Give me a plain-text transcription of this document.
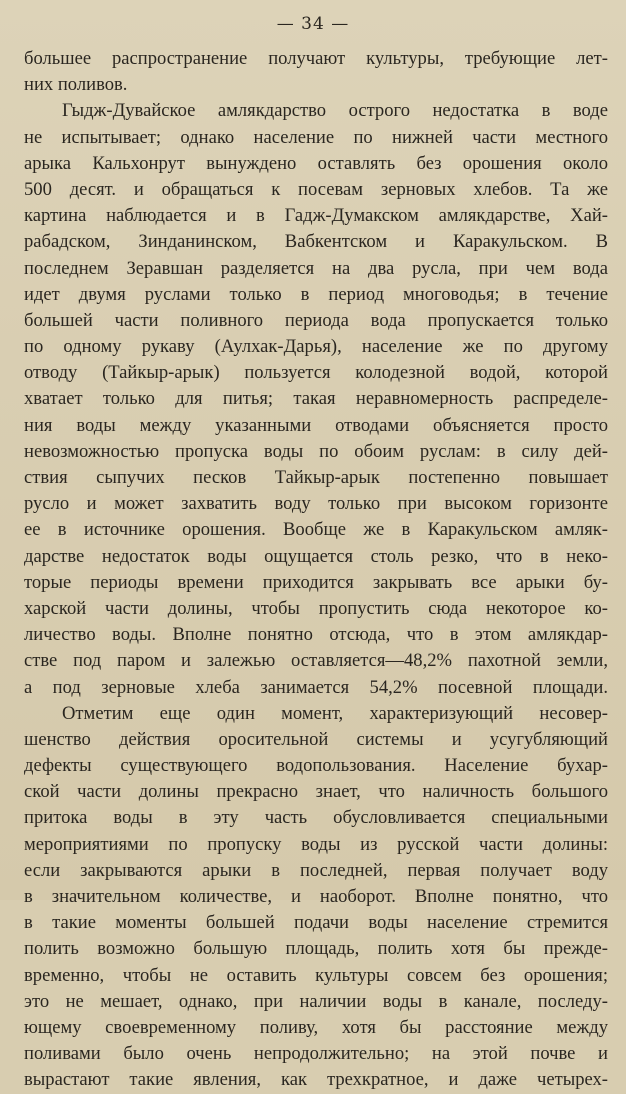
— 34 —
большее распространение получают культуры, требующие лет-
них поливов.
Гыдж-Дувайское амлякдарство острого недостатка в воде
не испытывает; однако население по нижней части местного
арыка Кальхонрут вынуждено оставлять без орошения около
500 десят. и обращаться к посевам зерновых хлебов. Та же
картина наблюдается и в Гадж-Думакском амлякдарстве, Хай-
рабадском, Зинданинском, Вабкентском и Каракульском. В
последнем Зеравшан разделяется на два русла, при чем вода
идет двумя руслами только в период многоводья; в течение
большей части поливного периода вода пропускается только
по одному рукаву (Аулхак-Дарья), население же по другому
отводу (Тайкыр-арык) пользуется колодезной водой, которой
хватает только для питья; такая неравномерность распределе-
ния воды между указанными отводами объясняется просто
невозможностью пропуска воды по обоим руслам: в силу дей-
ствия сыпучих песков Тайкыр-арык постепенно повышает
русло и может захватить воду только при высоком горизонте
ее в источнике орошения. Вообще же в Каракульском амляк-
дарстве недостаток воды ощущается столь резко, что в неко-
торые периоды времени приходится закрывать все арыки бу-
харской части долины, чтобы пропустить сюда некоторое ко-
личество воды. Вполне понятно отсюда, что в этом амлякдар-
стве под паром и залежью оставляется—48,2% пахотной земли,
а под зерновые хлеба занимается 54,2% посевной площади.
Отметим еще один момент, характеризующий несовер-
шенство действия оросительной системы и усугубляющий
дефекты существующего водопользования. Население бухар-
ской части долины прекрасно знает, что наличность большого
притока воды в эту часть обусловливается специальными
мероприятиями по пропуску воды из русской части долины:
если закрываются арыки в последней, первая получает воду
в значительном количестве, и наоборот. Вполне понятно, что
в такие моменты большей подачи воды население стремится
полить возможно большую площадь, полить хотя бы прежде-
временно, чтобы не оставить культуры совсем без орошения;
это не мешает, однако, при наличии воды в канале, последу-
ющему своевременному поливу, хотя бы расстояние между
поливами было очень непродолжительно; на этой почве и
вырастают такие явления, как трехкратное, и даже четырех-
